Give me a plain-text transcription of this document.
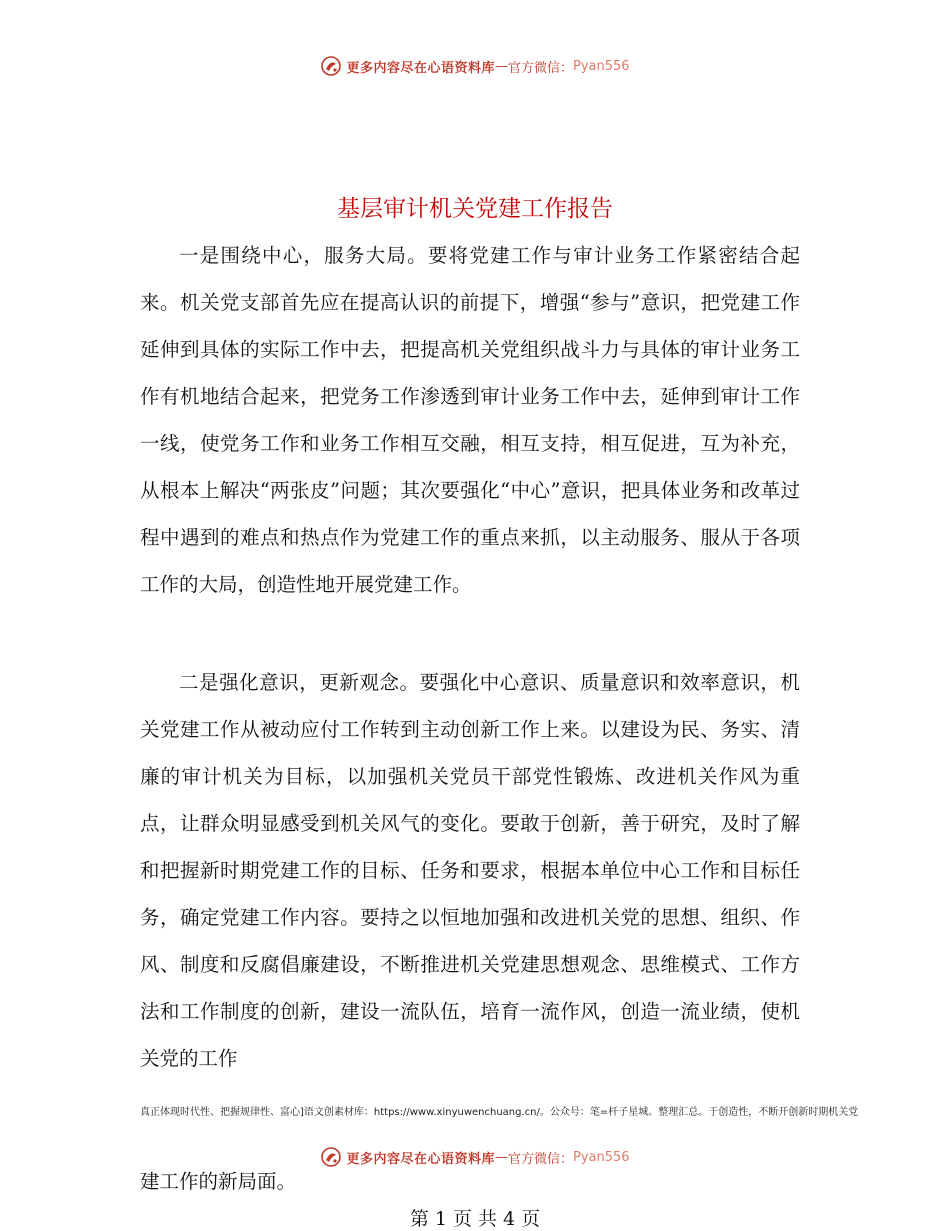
更多内容尽在心语资料库 — 官方微信： Pyan556
基层审计机关党建工作报告

一是围绕中心，服务大局。要将党建工作与审计业务工作紧密结合起来。机关党支部首先应在提高认识的前提下，增强“参与”意识，把党建工作延伸到具体的实际工作中去，把提高机关党组织战斗力与具体的审计业务工作有机地结合起来，把党务工作渗透到审计业务工作中去，延伸到审计工作一线，使党务工作和业务工作相互交融，相互支持，相互促进，互为补充，从根本上解决“两张皮”问题；其次要强化“中心”意识，把具体业务和改革过程中遇到的难点和热点作为党建工作的重点来抓，以主动服务、服从于各项工作的大局，创造性地开展党建工作。

二是强化意识，更新观念。要强化中心意识、质量意识和效率意识，机关党建工作从被动应付工作转到主动创新工作上来。以建设为民、务实、清廉的审计机关为目标，以加强机关党员干部党性锻炼、改进机关作风为重点，让群众明显感受到机关风气的变化。要敢于创新，善于研究，及时了解和把握新时期党建工作的目标、任务和要求，根据本单位中心工作和目标任务，确定党建工作内容。要持之以恒地加强和改进机关党的思想、组织、作风、制度和反腐倡廉建设，不断推进机关党建思想观念、思维模式、工作方法和工作制度的创新，建设一流队伍，培育一流作风，创造一流业绩，使机关党的工作

真正体现时代性、把握规律性、富心]语文创素材库：https://www.xinyuwenchuang.cn/。公众号：笔=杆子星城。整理汇总。于创造性，不断开创新时期机关党
更多内容尽在心语资料库 — 官方微信： Pyan556
建工作的新局面。
第 1 页 共 4 页
